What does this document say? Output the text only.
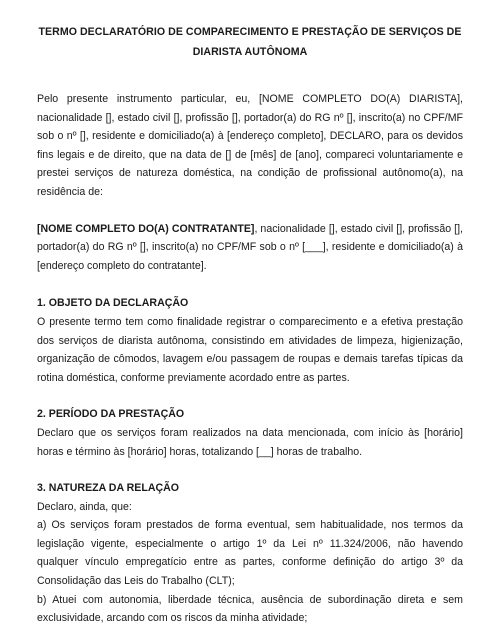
TERMO DECLARATÓRIO DE COMPARECIMENTO E PRESTAÇÃO DE SERVIÇOS DE
DIARISTA AUTÔNOMA

Pelo presente instrumento particular, eu, [NOME COMPLETO DO(A) DIARISTA], nacionalidade [], estado civil [], profissão [], portador(a) do RG nº [], inscrito(a) no CPF/MF sob o nº [], residente e domiciliado(a) à [endereço completo], DECLARO, para os devidos fins legais e de direito, que na data de [] de [mês] de [ano], compareci voluntariamente e prestei serviços de natureza doméstica, na condição de profissional autônomo(a), na residência de:

[NOME COMPLETO DO(A) CONTRATANTE], nacionalidade [], estado civil [], profissão [], portador(a) do RG nº [], inscrito(a) no CPF/MF sob o nº [___], residente e domiciliado(a) à [endereço completo do contratante].

1. OBJETO DA DECLARAÇÃO

O presente termo tem como finalidade registrar o comparecimento e a efetiva prestação dos serviços de diarista autônoma, consistindo em atividades de limpeza, higienização, organização de cômodos, lavagem e/ou passagem de roupas e demais tarefas típicas da rotina doméstica, conforme previamente acordado entre as partes.

2. PERÍODO DA PRESTAÇÃO

Declaro que os serviços foram realizados na data mencionada, com início às [horário] horas e término às [horário] horas, totalizando [__] horas de trabalho.

3. NATUREZA DA RELAÇÃO

Declaro, ainda, que:

a) Os serviços foram prestados de forma eventual, sem habitualidade, nos termos da legislação vigente, especialmente o artigo 1º da Lei nº 11.324/2006, não havendo qualquer vínculo empregatício entre as partes, conforme definição do artigo 3º da Consolidação das Leis do Trabalho (CLT);

b) Atuei com autonomia, liberdade técnica, ausência de subordinação direta e sem exclusividade, arcando com os riscos da minha atividade;
